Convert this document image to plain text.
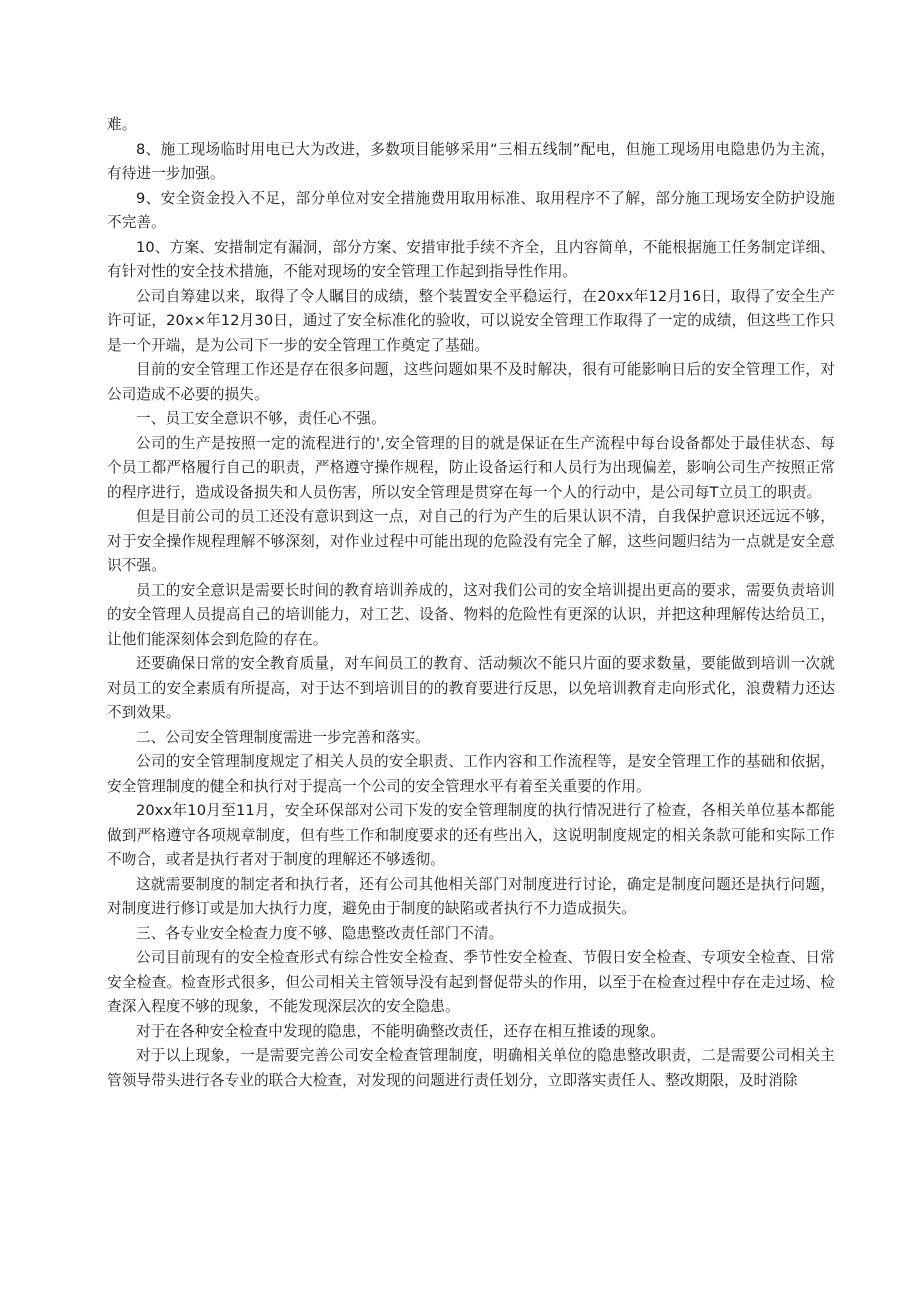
难。

8、施工现场临时用电已大为改进，多数项目能够采用“三相五线制”配电，但施工现场用电隐患仍为主流，有待进一步加强。

9、安全资金投入不足，部分单位对安全措施费用取用标准、取用程序不了解，部分施工现场安全防护设施不完善。

10、方案、安措制定有漏洞，部分方案、安措审批手续不齐全，且内容简单，不能根据施工任务制定详细、有针对性的安全技术措施，不能对现场的安全管理工作起到指导性作用。

公司自筹建以来，取得了令人瞩目的成绩，整个装置安全平稳运行，在20xx年12月16日，取得了安全生产许可证，20x×年12月30日，通过了安全标准化的验收，可以说安全管理工作取得了一定的成绩，但这些工作只是一个开端，是为公司下一步的安全管理工作奠定了基础。

目前的安全管理工作还是存在很多问题，这些问题如果不及时解决，很有可能影响日后的安全管理工作，对公司造成不必要的损失。

一、员工安全意识不够，责任心不强。

公司的生产是按照一定的流程进行的',安全管理的目的就是保证在生产流程中每台设备都处于最佳状态、每个员工都严格履行自己的职责，严格遵守操作规程，防止设备运行和人员行为出现偏差，影响公司生产按照正常的程序进行，造成设备损失和人员伤害，所以安全管理是贯穿在每一个人的行动中，是公司每T立员工的职责。

但是目前公司的员工还没有意识到这一点，对自己的行为产生的后果认识不清，自我保护意识还远远不够，对于安全操作规程理解不够深刻，对作业过程中可能出现的危险没有完全了解，这些问题归结为一点就是安全意识不强。

员工的安全意识是需要长时间的教育培训养成的，这对我们公司的安全培训提出更高的要求，需要负责培训的安全管理人员提高自己的培训能力，对工艺、设备、物料的危险性有更深的认识，并把这种理解传达给员工，让他们能深刻体会到危险的存在。

还要确保日常的安全教育质量，对车间员工的教育、活动频次不能只片面的要求数量，要能做到培训一次就对员工的安全素质有所提高，对于达不到培训目的的教育要进行反思，以免培训教育走向形式化，浪费精力还达不到效果。

二、公司安全管理制度需进一步完善和落实。

公司的安全管理制度规定了相关人员的安全职责、工作内容和工作流程等，是安全管理工作的基础和依据，安全管理制度的健全和执行对于提高一个公司的安全管理水平有着至关重要的作用。

20xx年10月至11月，安全环保部对公司下发的安全管理制度的执行情况进行了检查，各相关单位基本都能做到严格遵守各项规章制度，但有些工作和制度要求的还有些出入，这说明制度规定的相关条款可能和实际工作不吻合，或者是执行者对于制度的理解还不够透彻。

这就需要制度的制定者和执行者，还有公司其他相关部门对制度进行讨论，确定是制度问题还是执行问题，对制度进行修订或是加大执行力度，避免由于制度的缺陷或者执行不力造成损失。

三、各专业安全检查力度不够、隐患整改责任部门不清。

公司目前现有的安全检查形式有综合性安全检查、季节性安全检查、节假日安全检查、专项安全检查、日常安全检查。检查形式很多，但公司相关主管领导没有起到督促带头的作用，以至于在检查过程中存在走过场、检查深入程度不够的现象，不能发现深层次的安全隐患。

对于在各种安全检查中发现的隐患，不能明确整改责任，还存在相互推诿的现象。

对于以上现象，一是需要完善公司安全检查管理制度，明确相关单位的隐患整改职责，二是需要公司相关主管领导带头进行各专业的联合大检查，对发现的问题进行责任划分，立即落实责任人、整改期限，及时消除
